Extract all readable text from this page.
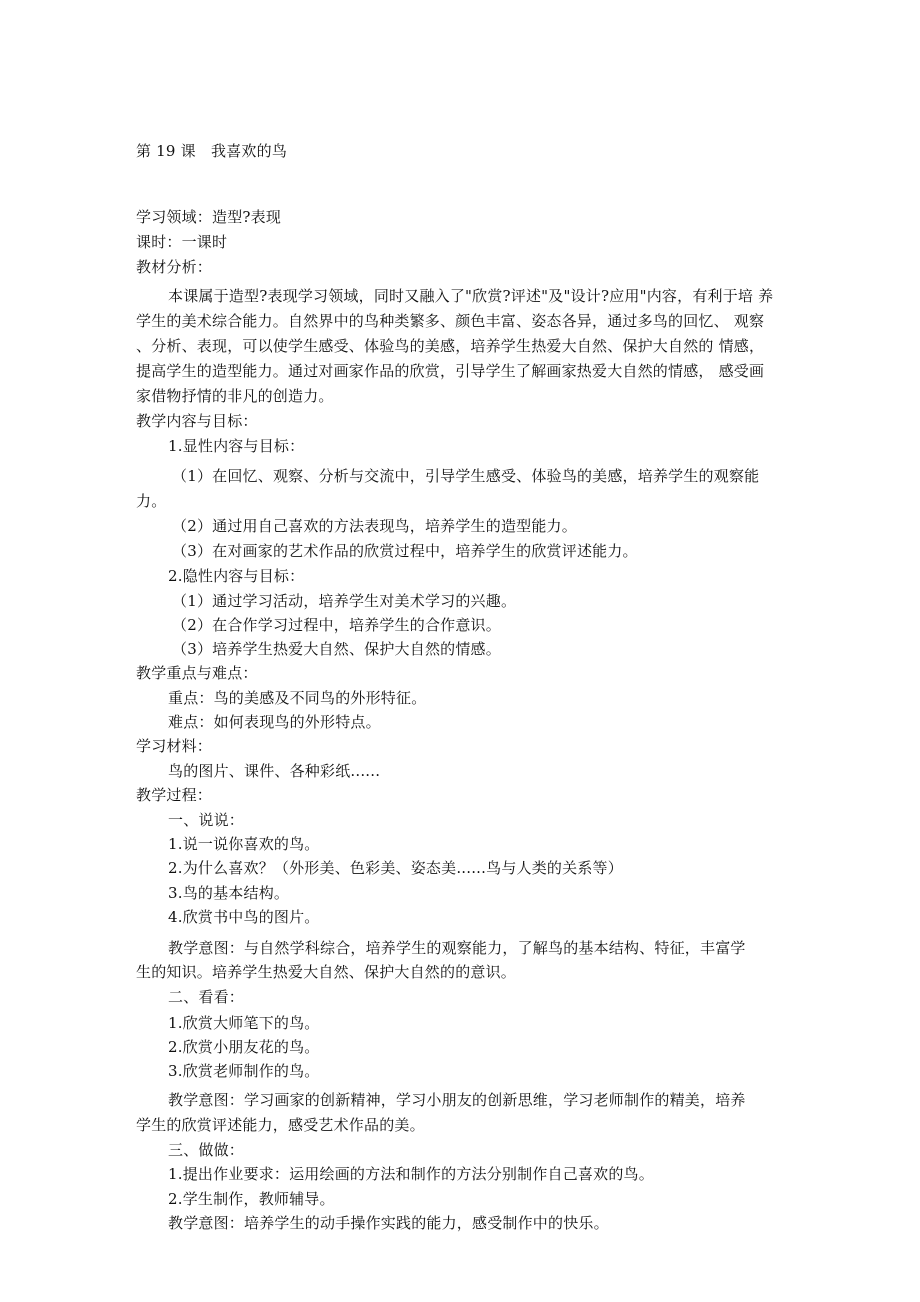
第 19 课　我喜欢的鸟
学习领域：造型?表现
课时：一课时
教材分析：
本课属于造型?表现学习领域，同时又融入了"欣赏?评述"及"设计?应用"内容，有利于培 养
学生的美术综合能力。自然界中的鸟种类繁多、颜色丰富、姿态各异，通过多鸟的回忆、 观察
、分析、表现，可以使学生感受、体验鸟的美感，培养学生热爱大自然、保护大自然的 情感，
提高学生的造型能力。通过对画家作品的欣赏，引导学生了解画家热爱大自然的情感， 感受画
家借物抒情的非凡的创造力。
教学内容与目标：
1.显性内容与目标：
（1）在回忆、观察、分析与交流中，引导学生感受、体验鸟的美感，培养学生的观察能
力。
（2）通过用自己喜欢的方法表现鸟，培养学生的造型能力。
（3）在对画家的艺术作品的欣赏过程中，培养学生的欣赏评述能力。
2.隐性内容与目标：
（1）通过学习活动，培养学生对美术学习的兴趣。
（2）在合作学习过程中，培养学生的合作意识。
（3）培养学生热爱大自然、保护大自然的情感。
教学重点与难点：
重点：鸟的美感及不同鸟的外形特征。
难点：如何表现鸟的外形特点。
学习材料：
鸟的图片、课件、各种彩纸......
教学过程：
一、说说：
1.说一说你喜欢的鸟。
2.为什么喜欢？（外形美、色彩美、姿态美......鸟与人类的关系等）
3.鸟的基本结构。
4.欣赏书中鸟的图片。
教学意图：与自然学科综合，培养学生的观察能力，了解鸟的基本结构、特征，丰富学
生的知识。培养学生热爱大自然、保护大自然的的意识。
二、看看：
1.欣赏大师笔下的鸟。
2.欣赏小朋友花的鸟。
3.欣赏老师制作的鸟。
教学意图：学习画家的创新精神，学习小朋友的创新思维，学习老师制作的精美，培养
学生的欣赏评述能力，感受艺术作品的美。
三、做做：
1.提出作业要求：运用绘画的方法和制作的方法分别制作自己喜欢的鸟。
2.学生制作，教师辅导。
教学意图：培养学生的动手操作实践的能力，感受制作中的快乐。
